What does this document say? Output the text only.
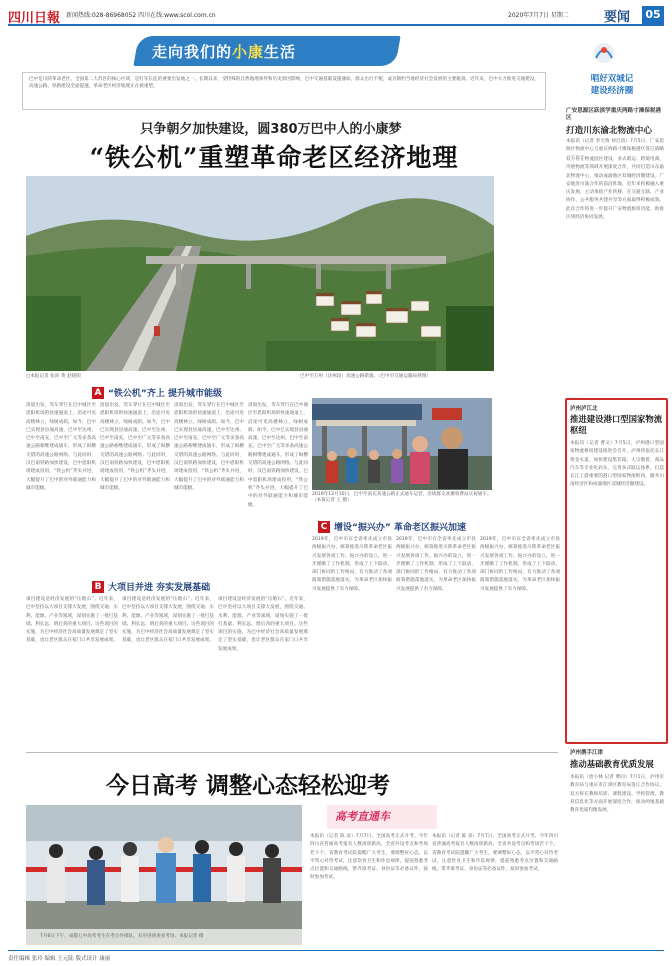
四川日報 新闻热线:028-86968052 四川在线:www.scol.com.cn	2020年7月7日 星期二	要闻	05
走向我们的小康生活
巴中是川陕革命老区、全国第二大苏区的核心区域，是红军长征的重要出发地之一。长期以来，受特殊的自然地理条件和历史原因影响，巴中交通基础设施薄弱，群众出行不便，成为制约当地经济社会发展的主要瓶颈。近年来，巴中大力推进交通建设，高速公路、铁路建设全面提速，革命老区经济地理正在被重塑。
只争朝夕加快建设，圆380万巴中人的小康梦
“铁公机”重塑革命老区经济地理
□本报记者 张尚 黄 赵晓阳	巴中至万州（达州段）高速公路新貌。（巴中市交通运输局供图）
A “铁公机”齐上 提升城市能级
清晨出发，驾车穿行在巴中城区至恩阳机场的快速通道上，沿途可见高楼林立、绿树成荫。如今，巴中已实现县县通高速，巴中至达州、巴中至南充、巴中至广元等多条高速公路相继建成通车，形成了纵横交错的高速公路网络。与此同时，汉巴南铁路加快建设，巴中恩阳机场建成投用，“铁公机”齐头并进，大幅提升了巴中的对外联通能力和城市能级。
清晨出发，驾车穿行在巴中城区至恩阳机场的快速通道上，沿途可见高楼林立、绿树成荫。如今，巴中已实现县县通高速，巴中至达州、巴中至南充、巴中至广元等多条高速公路相继建成通车，形成了纵横交错的高速公路网络。与此同时，汉巴南铁路加快建设，巴中恩阳机场建成投用，“铁公机”齐头并进，大幅提升了巴中的对外联通能力和城市能级。
清晨出发，驾车穿行在巴中城区至恩阳机场的快速通道上，沿途可见高楼林立、绿树成荫。如今，巴中已实现县县通高速，巴中至达州、巴中至南充、巴中至广元等多条高速公路相继建成通车，形成了纵横交错的高速公路网络。与此同时，汉巴南铁路加快建设，巴中恩阳机场建成投用，“铁公机”齐头并进，大幅提升了巴中的对外联通能力和城市能级。
清晨出发，驾车穿行在巴中城区至恩阳机场的快速通道上，沿途可见高楼林立、绿树成荫。如今，巴中已实现县县通高速，巴中至达州、巴中至南充、巴中至广元等多条高速公路相继建成通车，形成了纵横交错的高速公路网络。与此同时，汉巴南铁路加快建设，巴中恩阳机场建成投用，“铁公机”齐头并进，大幅提升了巴中的对外联通能力和城市能级。
2019年12月10日，巴中至南充高速公路正式通车运营，沿线群众欢聚收费站庆祝通车。（本报记者 王 摄）
C 增设“振兴办” 革命老区振兴加速
2019年，巴中市在全省率先成立市县两级振兴办，统筹推进川陕革命老区振兴发展各项工作。振兴办的设立，进一步理顺了工作机制，形成了上下联动、部门协同的工作格局，有力推动了各项政策措施落地落实，为革命老区加快振兴发展提供了有力保障。
2019年，巴中市在全省率先成立市县两级振兴办，统筹推进川陕革命老区振兴发展各项工作。振兴办的设立，进一步理顺了工作机制，形成了上下联动、部门协同的工作格局，有力推动了各项政策措施落地落实，为革命老区加快振兴发展提供了有力保障。
2019年，巴中市在全省率先成立市县两级振兴办，统筹推进川陕革命老区振兴发展各项工作。振兴办的设立，进一步理顺了工作机制，形成了上下联动、部门协同的工作格局，有力推动了各项政策措施落地落实，为革命老区加快振兴发展提供了有力保障。
B 大项目并进 夯实发展基础
项目建设是经济发展的“压舱石”。近年来，巴中坚持以大项目支撑大发展，围绕交通、水利、能源、产业等领域，谋划实施了一批打基础、利长远、增后劲的重大项目。这些项目的实施，为巴中经济社会高质量发展奠定了坚实基础，也让老区群众在家门口共享发展成果。
项目建设是经济发展的“压舱石”。近年来，巴中坚持以大项目支撑大发展，围绕交通、水利、能源、产业等领域，谋划实施了一批打基础、利长远、增后劲的重大项目。这些项目的实施，为巴中经济社会高质量发展奠定了坚实基础，也让老区群众在家门口共享发展成果。
项目建设是经济发展的“压舱石”。近年来，巴中坚持以大项目支撑大发展，围绕交通、水利、能源、产业等领域，谋划实施了一批打基础、利长远、增后劲的重大项目。这些项目的实施，为巴中经济社会高质量发展奠定了坚实基础，也让老区群众在家门口共享发展成果。
唱好双城记
建设经济圈
广安思源区跃滨学重庆两路寸滩保税港区
打造川东渝北物流中心
本报讯（记者 李天致 何自清）7月5日，广安思源区物流中心与重庆两路寸滩保税港区签订战略
双方将在物流园区建设、多式联运、跨境电商、冷链物流等领域开展深度合作，共同打造川东渝北物流中心，推动成渝地区双城经济圈建设。广安地处川渝合作的前沿阵地，近年来积极融入重庆发展，主动承接产业转移，在交通互联、产业协作、公共服务共建共享等方面取得积极成效。此次合作将进一步提升广安物流枢纽功能，助推区域经济协同发展。
泸州泸江北
推进建设港口型国家物流枢纽
本报讯（记者 曹文）7月5日，泸州港口型国家物流枢纽建设推进会召开。泸州将依托长江黄金水道，加快建设集装箱、大宗散货、商品汽车等专业化码头，完善多式联运体系，打造长江上游重要的港口型国家物流枢纽，服务川南经济区和成渝地区双城经济圈建设。
泸州携手江津
推动基础教育优质发展
本报讯（唐小林 记者 曹问）7月1日，泸州市教育局与重庆市江津区教育局签订合作协议，双方将在教师培训、课程建设、学校管理、教育信息化等方面开展深度合作，推动两地基础教育优质均衡发展。
今日高考 调整心态轻松迎考
7月6日下午，成都七中高考考生在考点外排队，有序进场查看考场。本报记者 摄
高考直通车
本报讯（记者 陈 彦）7月7日，全国高考正式开考。今年四川省普通高考报名人数再创新高，全省共设考点和考场若干个。省教育考试院提醒广大考生，要调整好心态，以平常心对待考试，注意饮食卫生和作息规律，提前熟悉考点位置和交通路线，带齐准考证、身份证等必备证件，按时参加考试。
本报讯（记者 陈 彦）7月7日，全国高考正式开考。今年四川省普通高考报名人数再创新高，全省共设考点和考场若干个。省教育考试院提醒广大考生，要调整好心态，以平常心对待考试，注意饮食卫生和作息规律，提前熟悉考点位置和交通路线，带齐准考证、身份证等必备证件，按时参加考试。
责任编辑 张玲 编辑 王元陆 版式设计 康丽
